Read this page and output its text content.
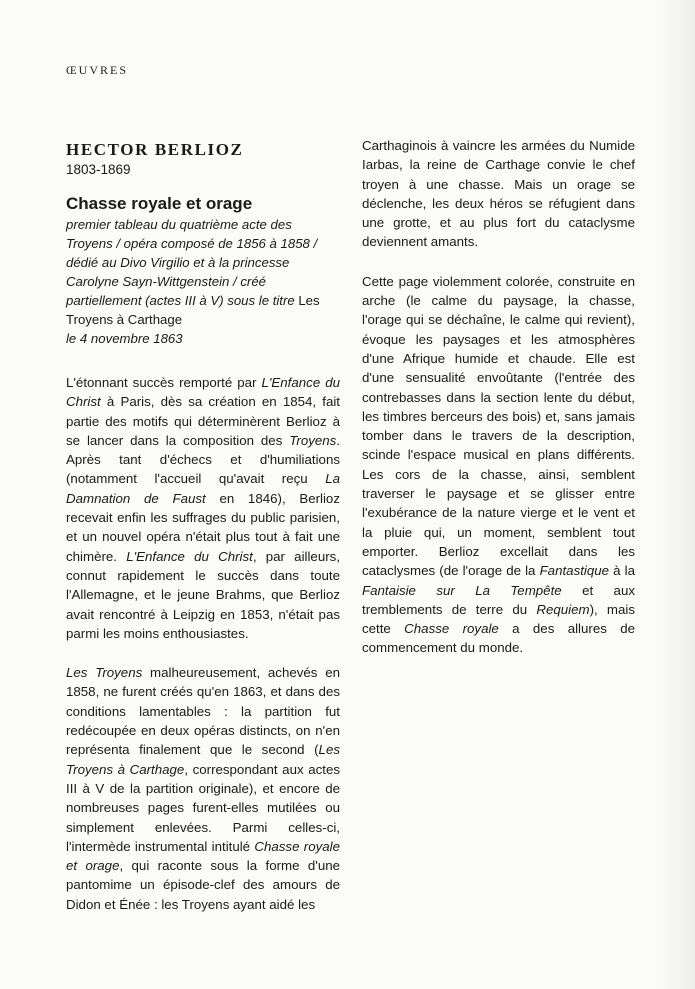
ŒUVRES
HECTOR BERLIOZ
1803-1869
Chasse royale et orage

premier tableau du quatrième acte des Troyens / opéra composé de 1856 à 1858 / dédié au Divo Virgilio et à la princesse Carolyne Sayn-Wittgenstein / créé partiellement (actes III à V) sous le titre Les Troyens à Carthage
le 4 novembre 1863

L'étonnant succès remporté par L'Enfance du Christ à Paris, dès sa création en 1854, fait partie des motifs qui déterminèrent Berlioz à se lancer dans la composition des Troyens. Après tant d'échecs et d'humiliations (notamment l'accueil qu'avait reçu La Damnation de Faust en 1846), Berlioz recevait enfin les suffrages du public parisien, et un nouvel opéra n'était plus tout à fait une chimère. L'Enfance du Christ, par ailleurs, connut rapidement le succès dans toute l'Allemagne, et le jeune Brahms, que Berlioz avait rencontré à Leipzig en 1853, n'était pas parmi les moins enthousiastes.

Les Troyens malheureusement, achevés en 1858, ne furent créés qu'en 1863, et dans des conditions lamentables : la partition fut redécoupée en deux opéras distincts, on n'en représenta finalement que le second (Les Troyens à Carthage, correspondant aux actes III à V de la partition originale), et encore de nombreuses pages furent-elles mutilées ou simplement enlevées. Parmi celles-ci, l'intermède instrumental intitulé Chasse royale et orage, qui raconte sous la forme d'une pantomime un épisode-clef des amours de Didon et Énée : les Troyens ayant aidé les

Carthaginois à vaincre les armées du Numide Iarbas, la reine de Carthage convie le chef troyen à une chasse. Mais un orage se déclenche, les deux héros se réfugient dans une grotte, et au plus fort du cataclysme deviennent amants.

Cette page violemment colorée, construite en arche (le calme du paysage, la chasse, l'orage qui se déchaîne, le calme qui revient), évoque les paysages et les atmosphères d'une Afrique humide et chaude. Elle est d'une sensualité envoûtante (l'entrée des contrebasses dans la section lente du début, les timbres berceurs des bois) et, sans jamais tomber dans le travers de la description, scinde l'espace musical en plans différents. Les cors de la chasse, ainsi, semblent traverser le paysage et se glisser entre l'exubérance de la nature vierge et le vent et la pluie qui, un moment, semblent tout emporter. Berlioz excellait dans les cataclysmes (de l'orage de la Fantastique à la Fantaisie sur La Tempête et aux tremblements de terre du Requiem), mais cette Chasse royale a des allures de commencement du monde.
